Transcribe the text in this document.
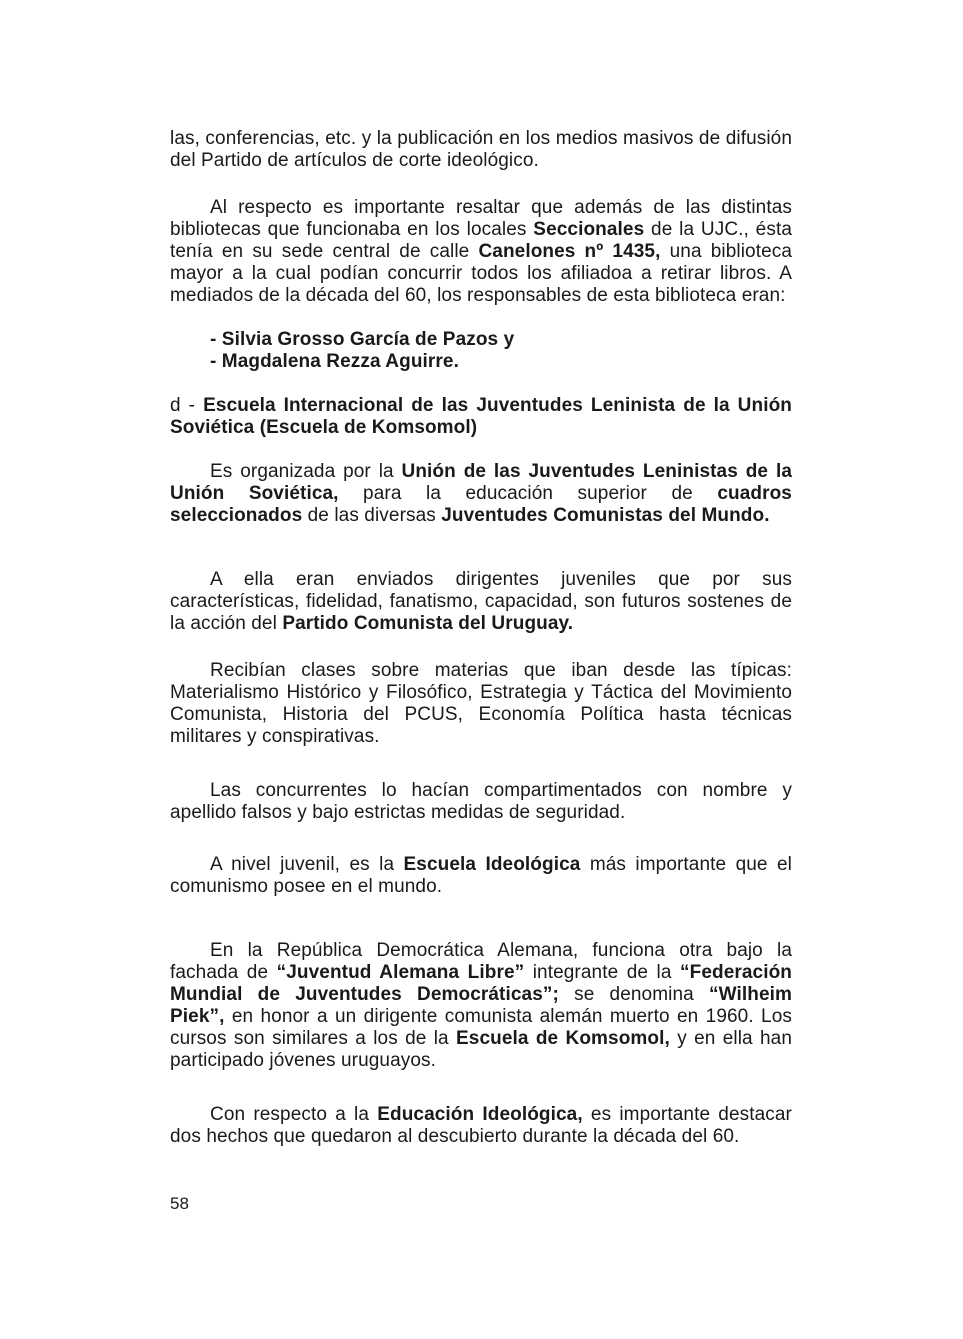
las, conferencias, etc. y la publicación en los medios masivos de difusión del Partido de artículos de corte ideológico.

Al respecto es importante resaltar que además de las distintas bibliotecas que funcionaba en los locales Seccionales de la UJC., ésta tenía en su sede central de calle Canelones nº 1435, una biblioteca mayor a la cual podían concurrir todos los afiliadoa a retirar libros. A mediados de la década del 60, los responsables de esta biblioteca eran:

- Silvia Grosso García de Pazos y
- Magdalena Rezza Aguirre.

d - Escuela Internacional de las Juventudes Leninista de la Unión Soviética (Escuela de Komsomol)

Es organizada por la Unión de las Juventudes Leninistas de la Unión Soviética, para la educación superior de cuadros seleccionados de las diversas Juventudes Comunistas del Mundo.

A ella eran enviados dirigentes juveniles que por sus características, fidelidad, fanatismo, capacidad, son futuros sostenes de la acción del Partido Comunista del Uruguay.

Recibían clases sobre materias que iban desde las típicas: Materialismo Histórico y Filosófico, Estrategia y Táctica del Movimiento Comunista, Historia del PCUS, Economía Política hasta técnicas militares y conspirativas.

Las concurrentes lo hacían compartimentados con nombre y apellido falsos y bajo estrictas medidas de seguridad.

A nivel juvenil, es la Escuela Ideológica más importante que el comunismo posee en el mundo.

En la República Democrática Alemana, funciona otra bajo la fachada de “Juventud Alemana Libre” integrante de la “Federación Mundial de Juventudes Democráticas”; se denomina “Wilheim Piek”, en honor a un dirigente comunista alemán muerto en 1960. Los cursos son similares a los de la Escuela de Komsomol, y en ella han participado jóvenes uruguayos.

Con respecto a la Educación Ideológica, es importante destacar dos hechos que quedaron al descubierto durante la década del 60.

58
